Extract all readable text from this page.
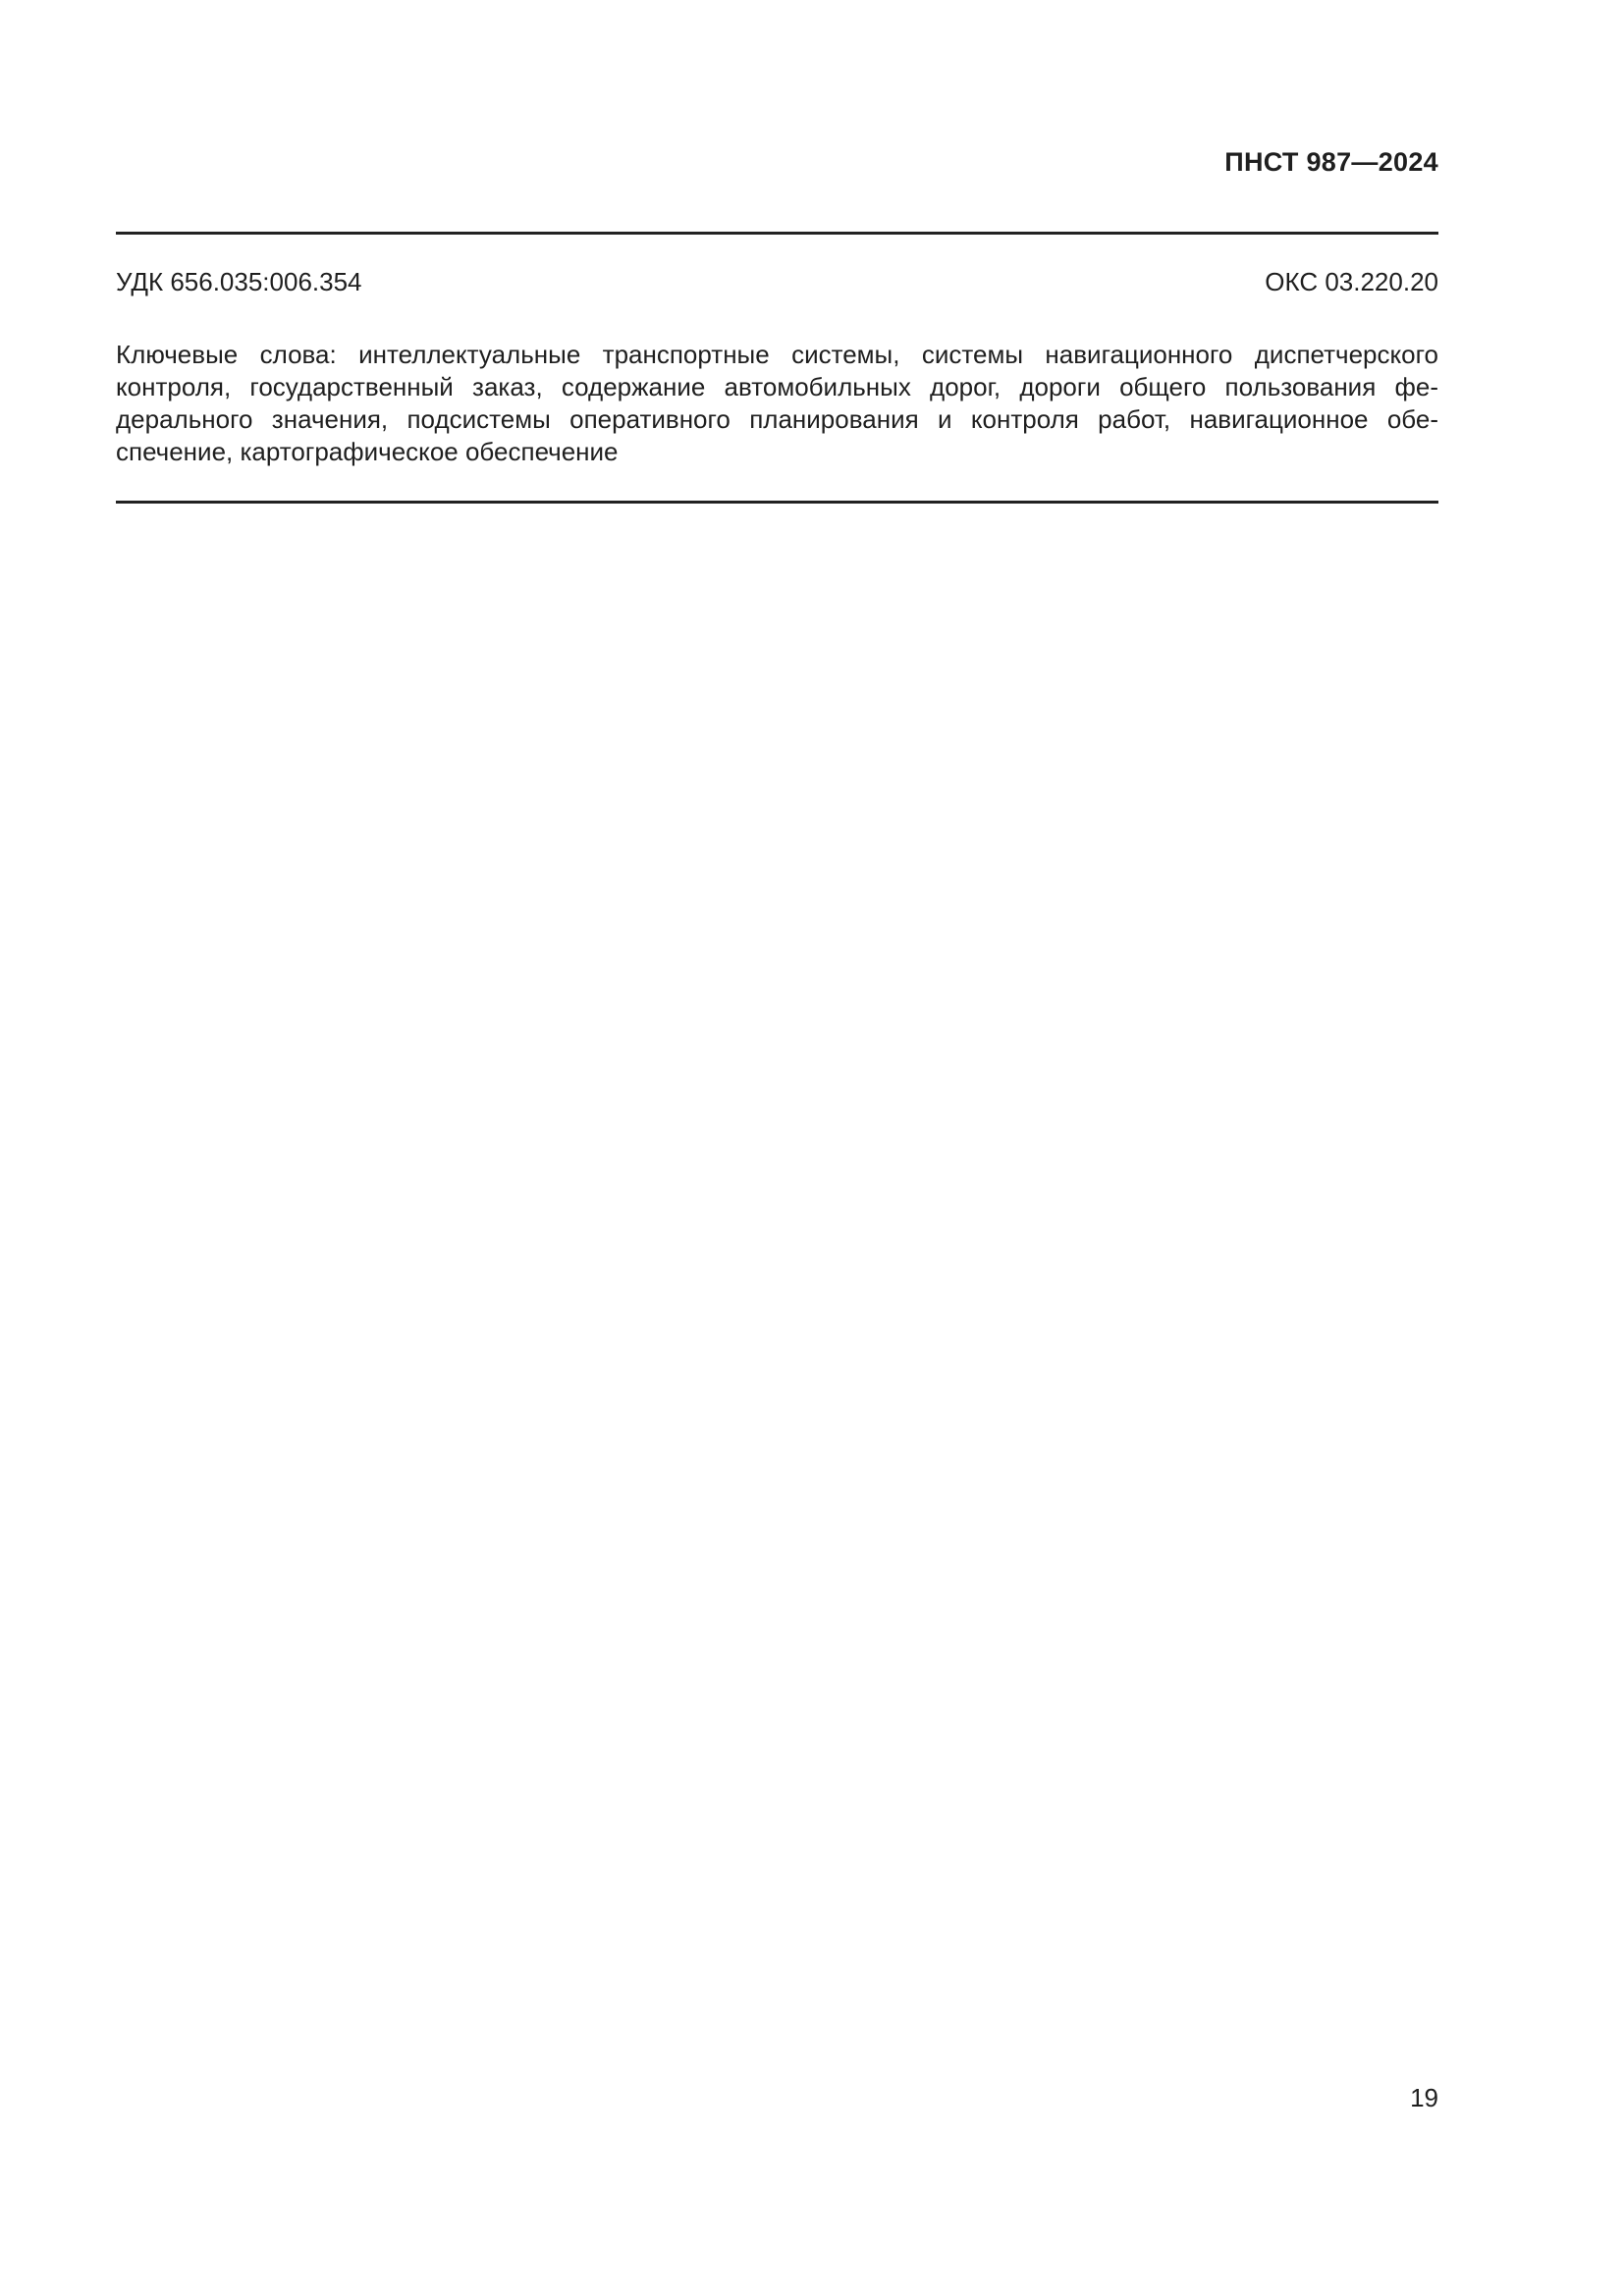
ПНСТ 987—2024
УДК 656.035:006.354	ОКС 03.220.20
Ключевые слова: интеллектуальные транспортные системы, системы навигационного диспетчерского
контроля, государственный заказ, содержание автомобильных дорог, дороги общего пользования фе-
дерального значения, подсистемы оперативного планирования и контроля работ, навигационное обе-
спечение, картографическое обеспечение
19
